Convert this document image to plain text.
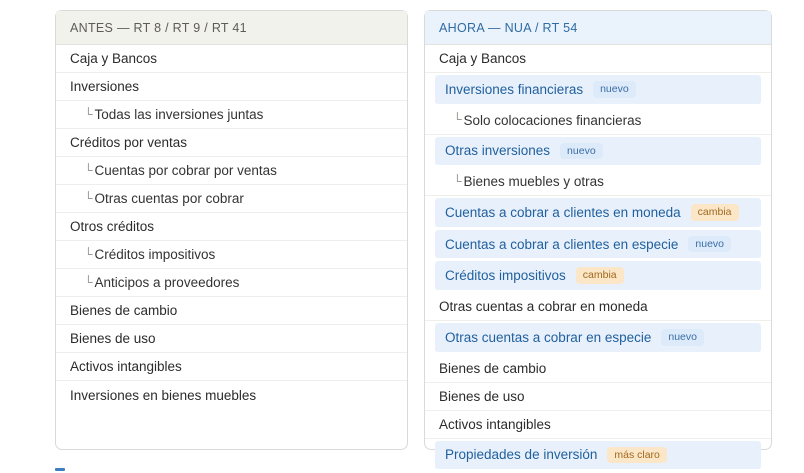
ANTES — RT 8 / RT 9 / RT 41
Caja y Bancos
Inversiones
└ Todas las inversiones juntas
Créditos por ventas
└ Cuentas por cobrar por ventas
└ Otras cuentas por cobrar
Otros créditos
└ Créditos impositivos
└ Anticipos a proveedores
Bienes de cambio
Bienes de uso
Activos intangibles
Inversiones en bienes muebles
AHORA — NUA / RT 54
Caja y Bancos
Inversiones financieras	nuevo
└ Solo colocaciones financieras
Otras inversiones	nuevo
└ Bienes muebles y otras
Cuentas a cobrar a clientes en moneda	cambia
Cuentas a cobrar a clientes en especie	nuevo
Créditos impositivos	cambia
Otras cuentas a cobrar en moneda
Otras cuentas a cobrar en especie	nuevo
Bienes de cambio
Bienes de uso
Activos intangibles
Propiedades de inversión	más claro
